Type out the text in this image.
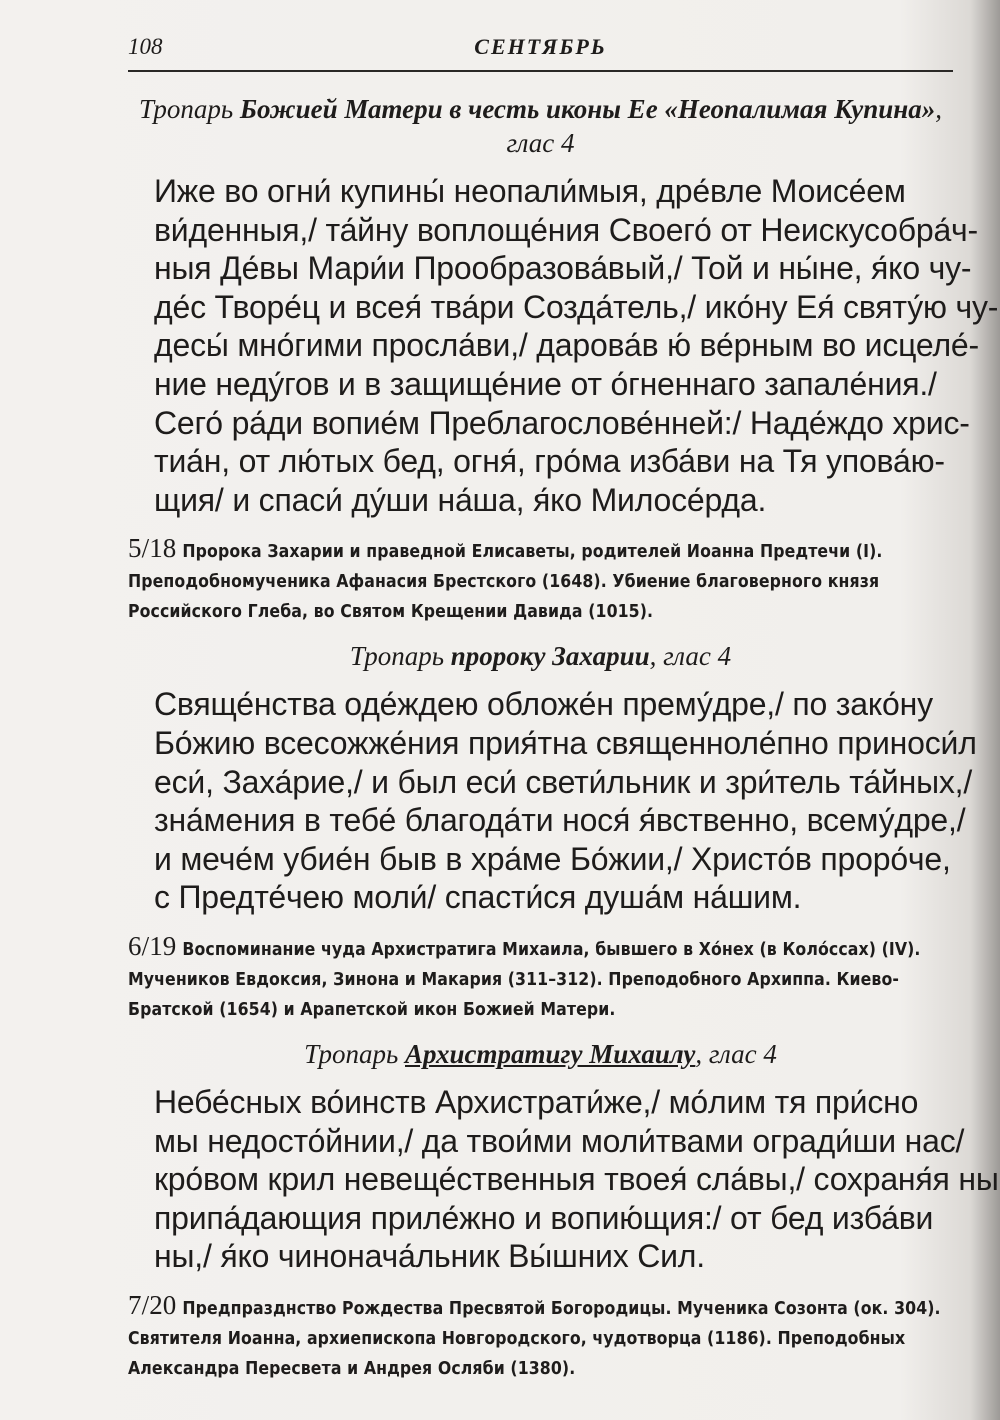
108	СЕНТЯБРЬ

Тропарь Божией Матери в честь иконы Ее «Неопалимая Купина», глас 4

Иже во огни́ купины́ неопали́мыя, дре́вле Моисе́ем
ви́денныя,/ та́йну воплоще́ния Своего́ от Неискусобра́ч-
ныя Де́вы Мари́и Прообразова́вый,/ Той и ны́не, я́ко чу-
де́с Творе́ц и всея́ тва́ри Созда́тель,/ ико́ну Ея́ святу́ю чу-
десы́ мно́гими просла́ви,/ дарова́в ю́ ве́рным во исцеле́-
ние неду́гов и в защище́ние от о́гненнаго запале́ния./
Сего́ ра́ди вопие́м Преблагослове́нней:/ Наде́ждо хрис-
тиа́н, от лю́тых бед, огня́, гро́ма изба́ви на Тя упова́ю-
щия/ и спаси́ ду́ши на́ша, я́ко Милосе́рда.
5/18 Пророка Захарии и праведной Елисаветы, родителей Иоанна Предтечи (I). Преподобномученика Афанасия Брестского (1648). Убиение благоверного князя Российского Глеба, во Святом Крещении Давида (1015).

Тропарь пророку Захарии, глас 4

Свяще́нства оде́ждею обложе́н прему́дре,/ по зако́ну
Бо́жию всесожже́ния прия́тна священноле́пно приноси́л
еси́, Заха́рие,/ и был еси́ свети́льник и зри́тель та́йных,/
зна́мения в тебе́ благода́ти нося́ я́вственно, всему́дре,/
и мече́м убие́н быв в хра́ме Бо́жии,/ Христо́в проро́че,
с Предте́чею моли́/ спасти́ся душа́м на́шим.
6/19 Воспоминание чуда Архистратига Михаила, бывшего в Хо́нех (в Коло́ссах) (IV). Мучеников Евдоксия, Зинона и Макария (311–312). Преподобного Архиппа. Киево-Братской (1654) и Арапетской икон Божией Матери.

Тропарь Архистратигу Михаилу, глас 4

Небе́сных во́инств Архистрати́же,/ мо́лим тя при́сно
мы недосто́йнии,/ да твои́ми моли́твами огради́ши нас/
кро́вом крил невеще́ственныя твоея́ сла́вы,/ сохраня́я ны
припа́дающия приле́жно и вопию́щия:/ от бед изба́ви
ны,/ я́ко чинонача́льник Вы́шних Сил.
7/20 Предпразднство Рождества Пресвятой Богородицы. Мученика Созонта (ок. 304). Святителя Иоанна, архиепископа Новгородского, чудотворца (1186). Преподобных Александра Пересвета и Андрея Осляби (1380).
